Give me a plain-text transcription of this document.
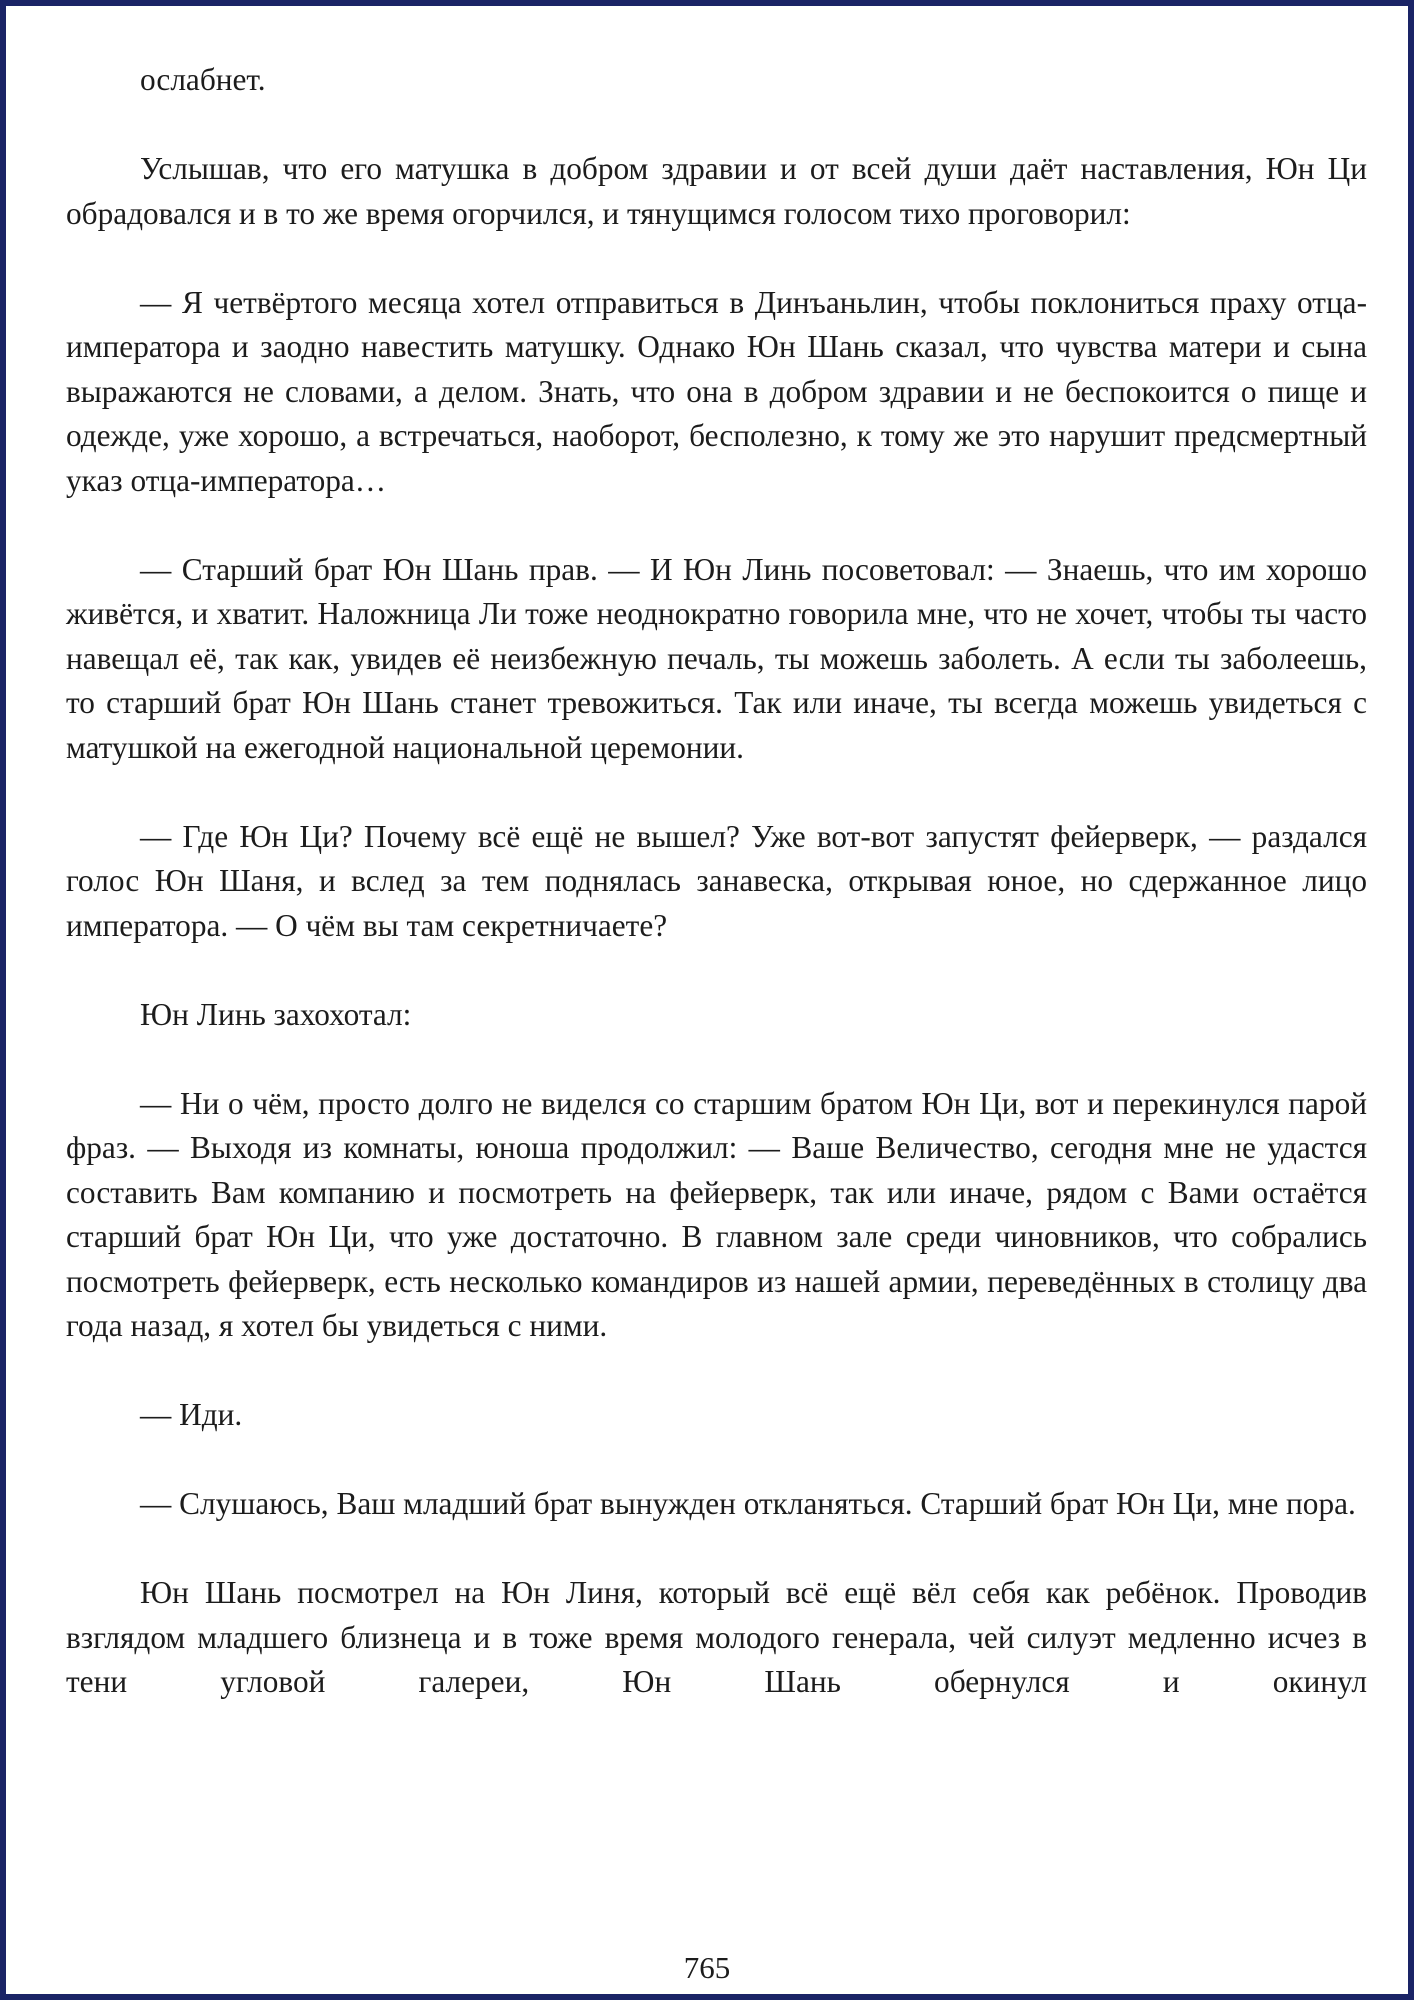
ослабнет.

Услышав, что его матушка в добром здравии и от всей души даёт наставления, Юн Ци обрадовался и в то же время огорчился, и тянущимся голосом тихо проговорил:

— Я четвёртого месяца хотел отправиться в Динъаньлин, чтобы поклониться праху отца-императора и заодно навестить матушку. Однако Юн Шань сказал, что чувства матери и сына выражаются не словами, а делом. Знать, что она в добром здравии и не беспокоится о пище и одежде, уже хорошо, а встречаться, наоборот, бесполезно, к тому же это нарушит предсмертный указ отца-императора…

— Старший брат Юн Шань прав. — И Юн Линь посоветовал: — Знаешь, что им хорошо живётся, и хватит. Наложница Ли тоже неоднократно говорила мне, что не хочет, чтобы ты часто навещал её, так как, увидев её неизбежную печаль, ты можешь заболеть. А если ты заболеешь, то старший брат Юн Шань станет тревожиться. Так или иначе, ты всегда можешь увидеться с матушкой на ежегодной национальной церемонии.

— Где Юн Ци? Почему всё ещё не вышел? Уже вот-вот запустят фейерверк, — раздался голос Юн Шаня, и вслед за тем поднялась занавеска, открывая юное, но сдержанное лицо императора. — О чём вы там секретничаете?

Юн Линь захохотал:

— Ни о чём, просто долго не виделся со старшим братом Юн Ци, вот и перекинулся парой фраз. — Выходя из комнаты, юноша продолжил: — Ваше Величество, сегодня мне не удастся составить Вам компанию и посмотреть на фейерверк, так или иначе, рядом с Вами остаётся старший брат Юн Ци, что уже достаточно. В главном зале среди чиновников, что собрались посмотреть фейерверк, есть несколько командиров из нашей армии, переведённых в столицу два года назад, я хотел бы увидеться с ними.

— Иди.

— Слушаюсь, Ваш младший брат вынужден откланяться. Старший брат Юн Ци, мне пора.

Юн Шань посмотрел на Юн Линя, который всё ещё вёл себя как ребёнок. Проводив взглядом младшего близнеца и в тоже время молодого генерала, чей силуэт медленно исчез в тени угловой галереи, Юн Шань обернулся и окинул

765
